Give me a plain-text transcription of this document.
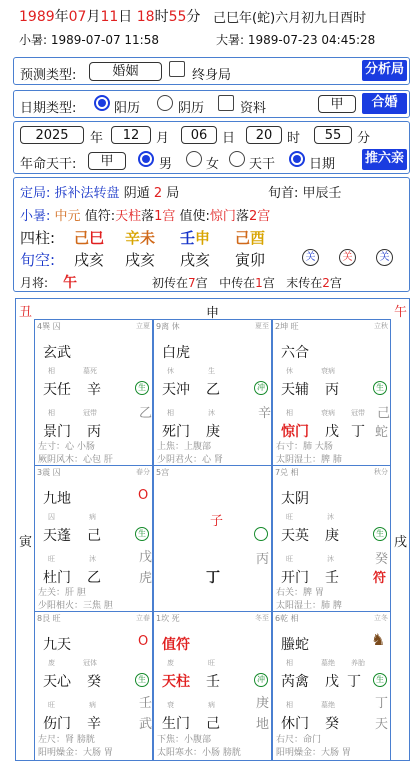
1989年07月11日 18时55分 己巳年(蛇)六月初九日酉时
小暑: 1989-07-07 11:58	大暑: 1989-07-23 04:45:28
预测类型:	婚姻	终身局	分析局
日期类型:	阳历	阴历	资料	甲	合婚
2025	年	12	月	06	日	20	时	55	分
年命天干:	甲	男	女 天干	日期 推六亲
定局: 拆补法转盘 阴遁 2 局	旬首: 甲辰壬
小暑: 中元 值符:天柱落1宫 值使:惊门落2宫
四柱: 己巳 辛未 壬申 己酉
旬空: 戌亥 戌亥 戌亥 寅卯	关	关	关
月将: 午	初传在7宫 中传在1宫 末传在2宫
丑	申	午
寅	戌
4巽 囚	立夏
玄武
相	墓死
天任 辛	生
乙
相	冠带
景门 丙
左寸：心 小肠
厥阴风木：心包 肝
9离 休	夏至
白虎
休	生
天冲 乙	冲
辛
相	沐
死门 庚
上焦：上腹部
少阴君火：心 肾
2坤 旺	立秋
六合
休	衰病
天辅 丙	生
己
相	衰病 冠带
惊门 戊 丁 蛇
右寸：肺 大肠
太阴湿土：脾 肺
3震 囚	春分
九地	O
囚	病
天蓬 己	生
戊
旺	沐
杜门 乙	虎
左关：肝 胆
少阳相火：三焦 胆
5宫
子
丙
丁
7兑 相	秋分
太阴
旺	沐
天英 庚	生
癸
旺	沐
开门 壬	符
右关：脾 胃
太阳湿土：肺 脾
8艮 旺	立春
九天	O
废	冠体
天心 癸	生
壬
旺	病
伤门 辛	武
左尺：肾 膀胱
阳明燥金：大肠 胃
1坎 死	冬至
值符
废	旺
天柱 壬	冲
庚
衰	病
生门 己	地
下焦：小腹部
太阳寒水：小肠 膀胱
6乾 相	立冬
螣蛇	♞
相	墓绝 养胎
芮禽 戊 丁	生
丁
相	墓绝
休门 癸	天
右尺：命门
阳明燥金：大肠 胃
